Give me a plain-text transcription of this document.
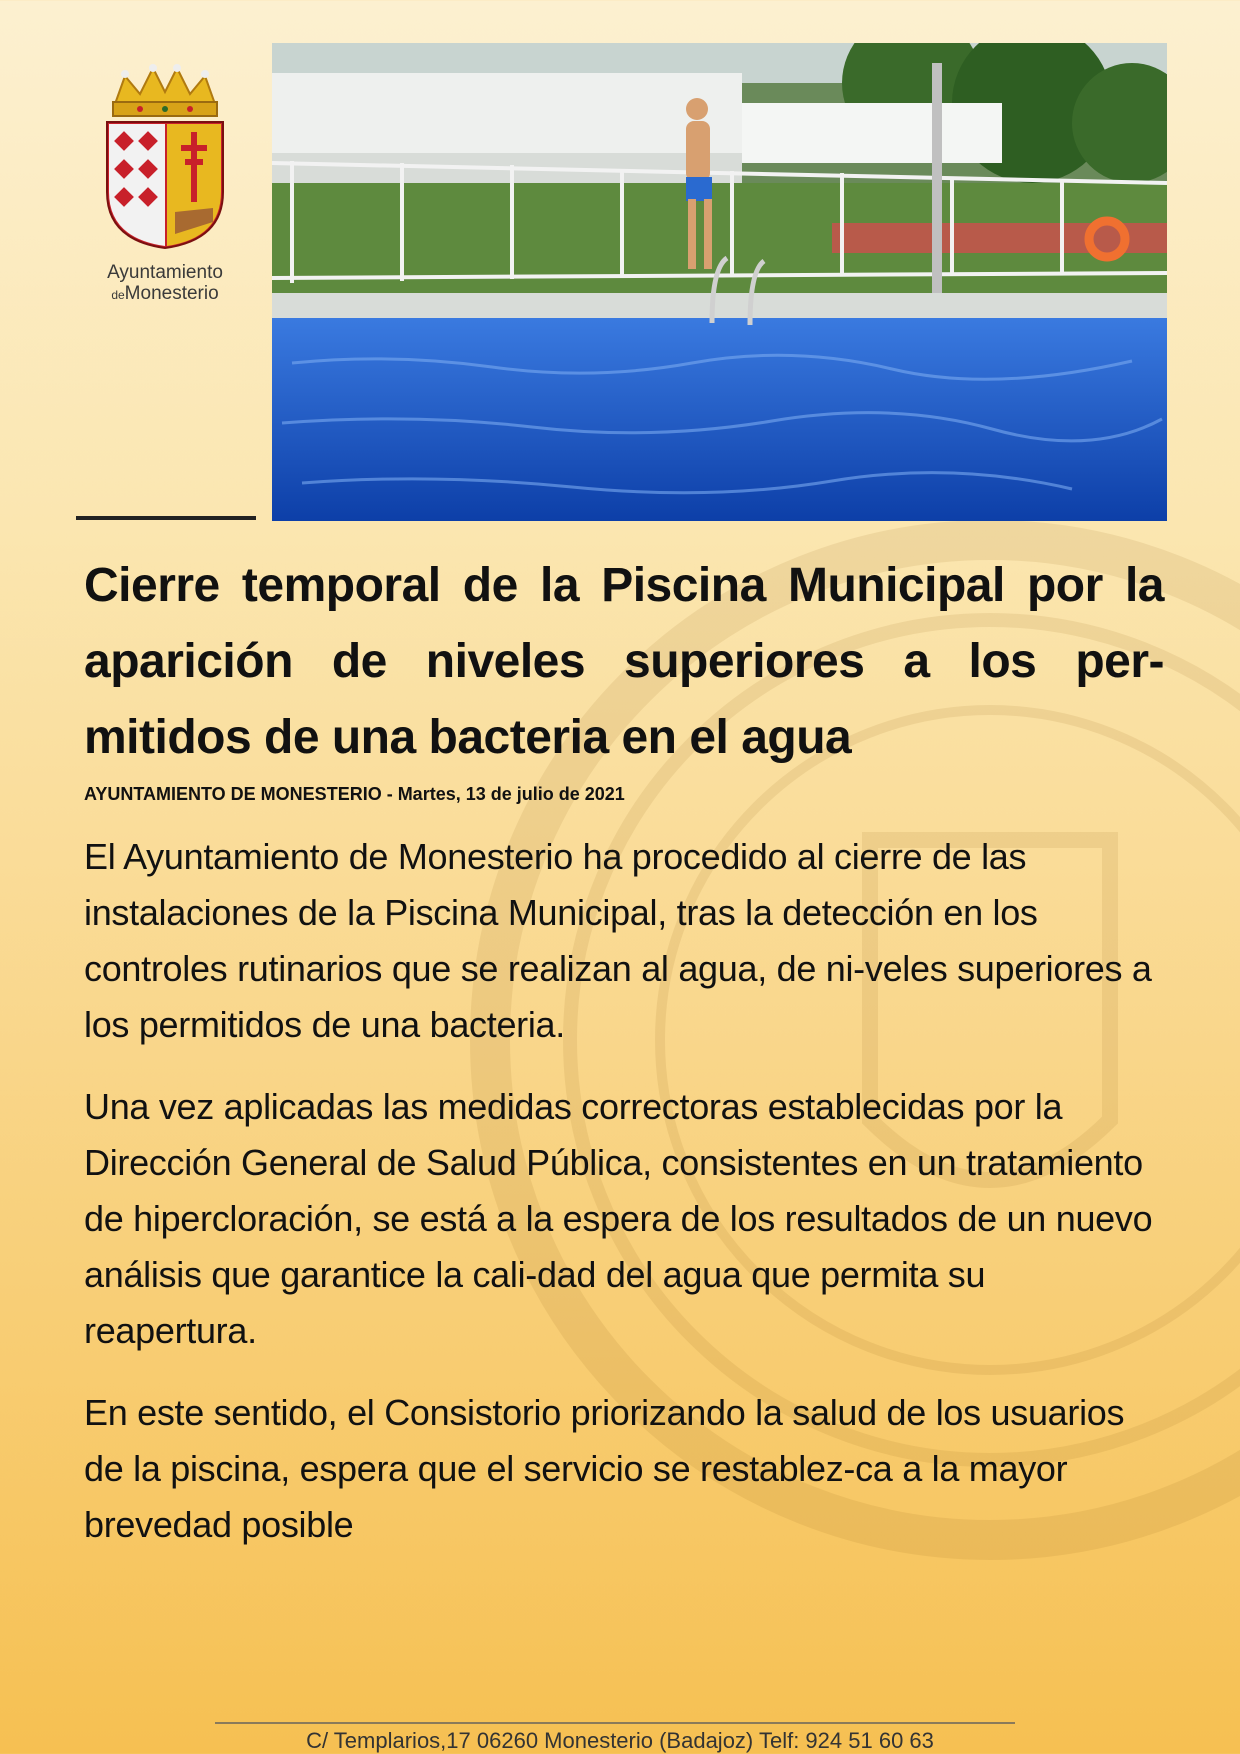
Ayuntamiento
deMonesterio
Cierre temporal de la Piscina Municipal por la aparición de niveles superiores a los per-mitidos de una bacteria en el agua
AYUNTAMIENTO DE MONESTERIO - Martes, 13 de julio de 2021

El Ayuntamiento de Monesterio ha procedido al cierre de las instalaciones de la Piscina Municipal, tras la detección en los controles rutinarios que se realizan al agua, de ni-veles superiores a los permitidos de una bacteria.

Una vez aplicadas las medidas correctoras establecidas por la Dirección General de Salud Pública, consistentes en un tratamiento de hipercloración, se está a la espera de los resultados de un nuevo análisis que garantice la cali-dad del agua que permita su reapertura.

En este sentido, el Consistorio priorizando la salud de los usuarios de la piscina, espera que el servicio se restablez-ca a la mayor brevedad posible

C/ Templarios,17 06260 Monesterio (Badajoz) Telf: 924 51 60 63
